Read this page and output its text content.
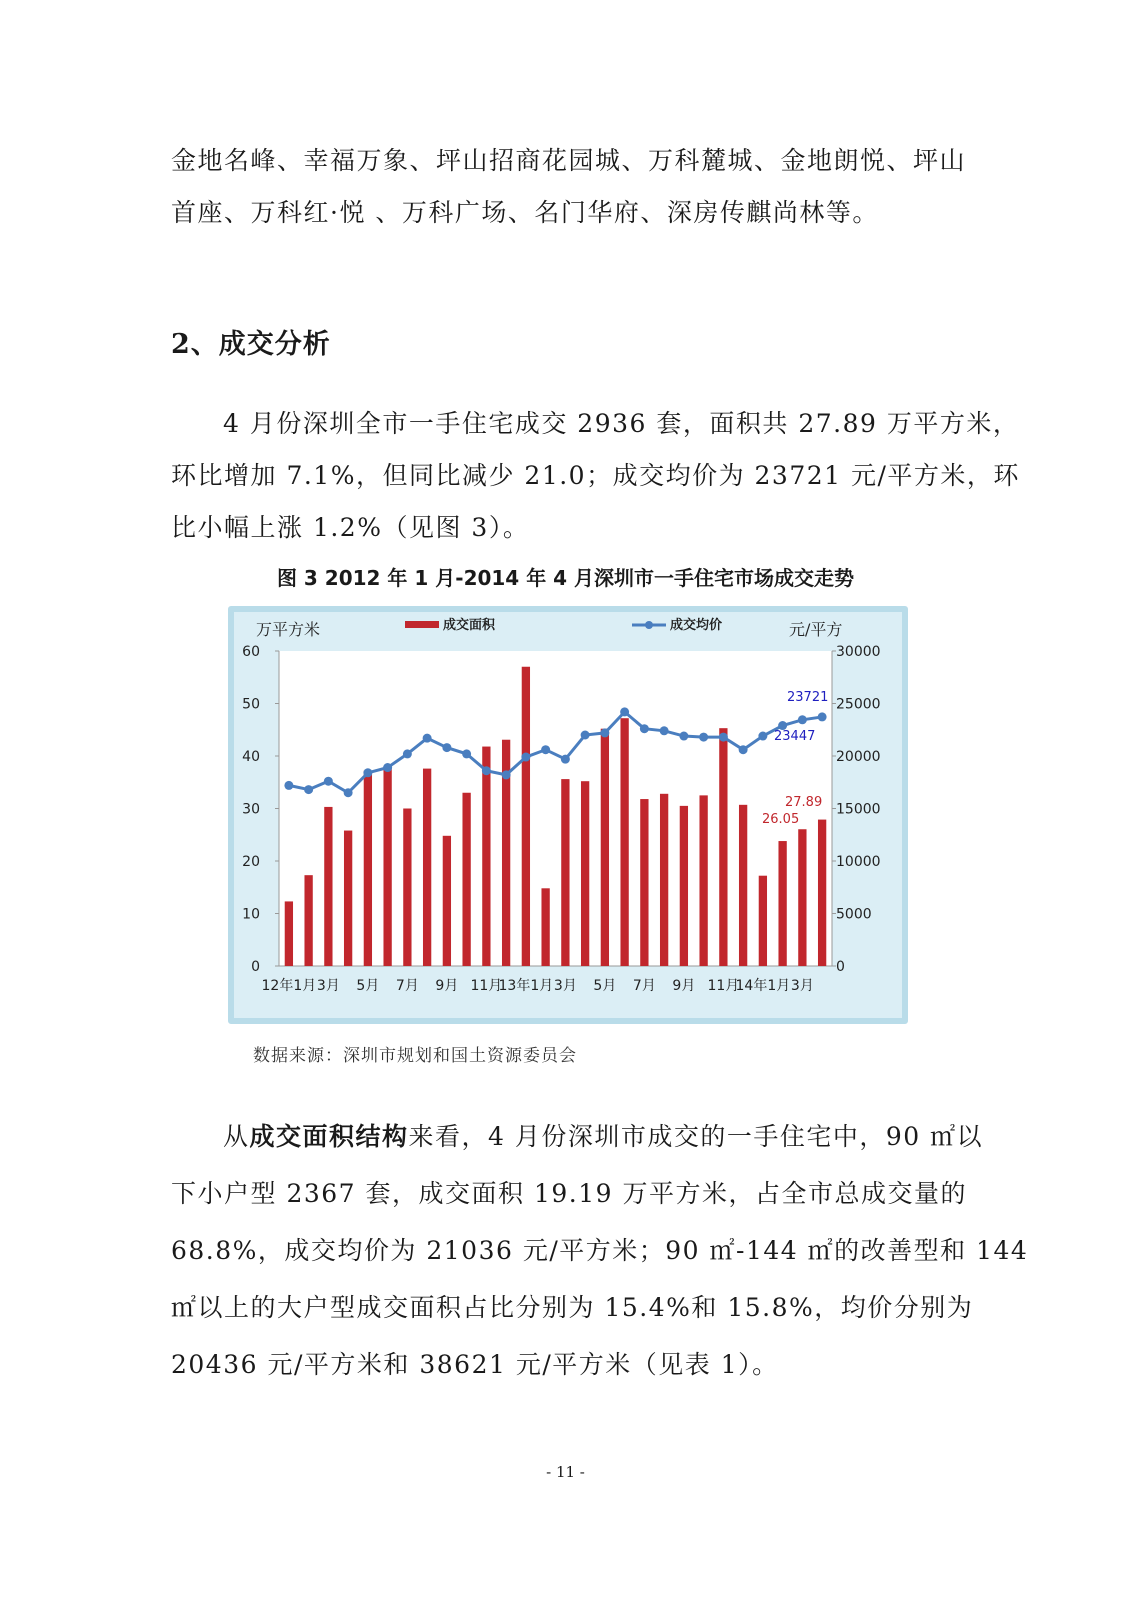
金地名峰、幸福万象、坪山招商花园城、万科麓城、金地朗悦、坪山
首座、万科红·悦 、万科广场、名门华府、深房传麒尚林等。

2、成交分析

4 月份深圳全市一手住宅成交 2936 套，面积共 27.89 万平方米，
环比增加 7.1%，但同比减少 21.0；成交均价为 23721 元/平方米，环
比小幅上涨 1.2%（见图 3）。

图 3 2012 年 1 月-2014 年 4 月深圳市一手住宅市场成交走势
0
10
20
30
40
50
60
0
5000
10000
15000
20000
25000
30000
12年1月 3月 5月 7月 9月 11月
13年1月 3月 5月 7月 9月 11月
14年1月 3月
成交面积	成交均价
万平方米	元/平方
23721
23447
27.89
26.05
数据来源：深圳市规划和国土资源委员会

从成交面积结构来看，4 月份深圳市成交的一手住宅中，90 ㎡以
下小户型 2367 套，成交面积 19.19 万平方米，占全市总成交量的
68.8%，成交均价为 21036 元/平方米；90 ㎡-144 ㎡的改善型和 144
㎡以上的大户型成交面积占比分别为 15.4%和 15.8%，均价分别为
20436 元/平方米和 38621 元/平方米（见表 1）。

- 11 -
